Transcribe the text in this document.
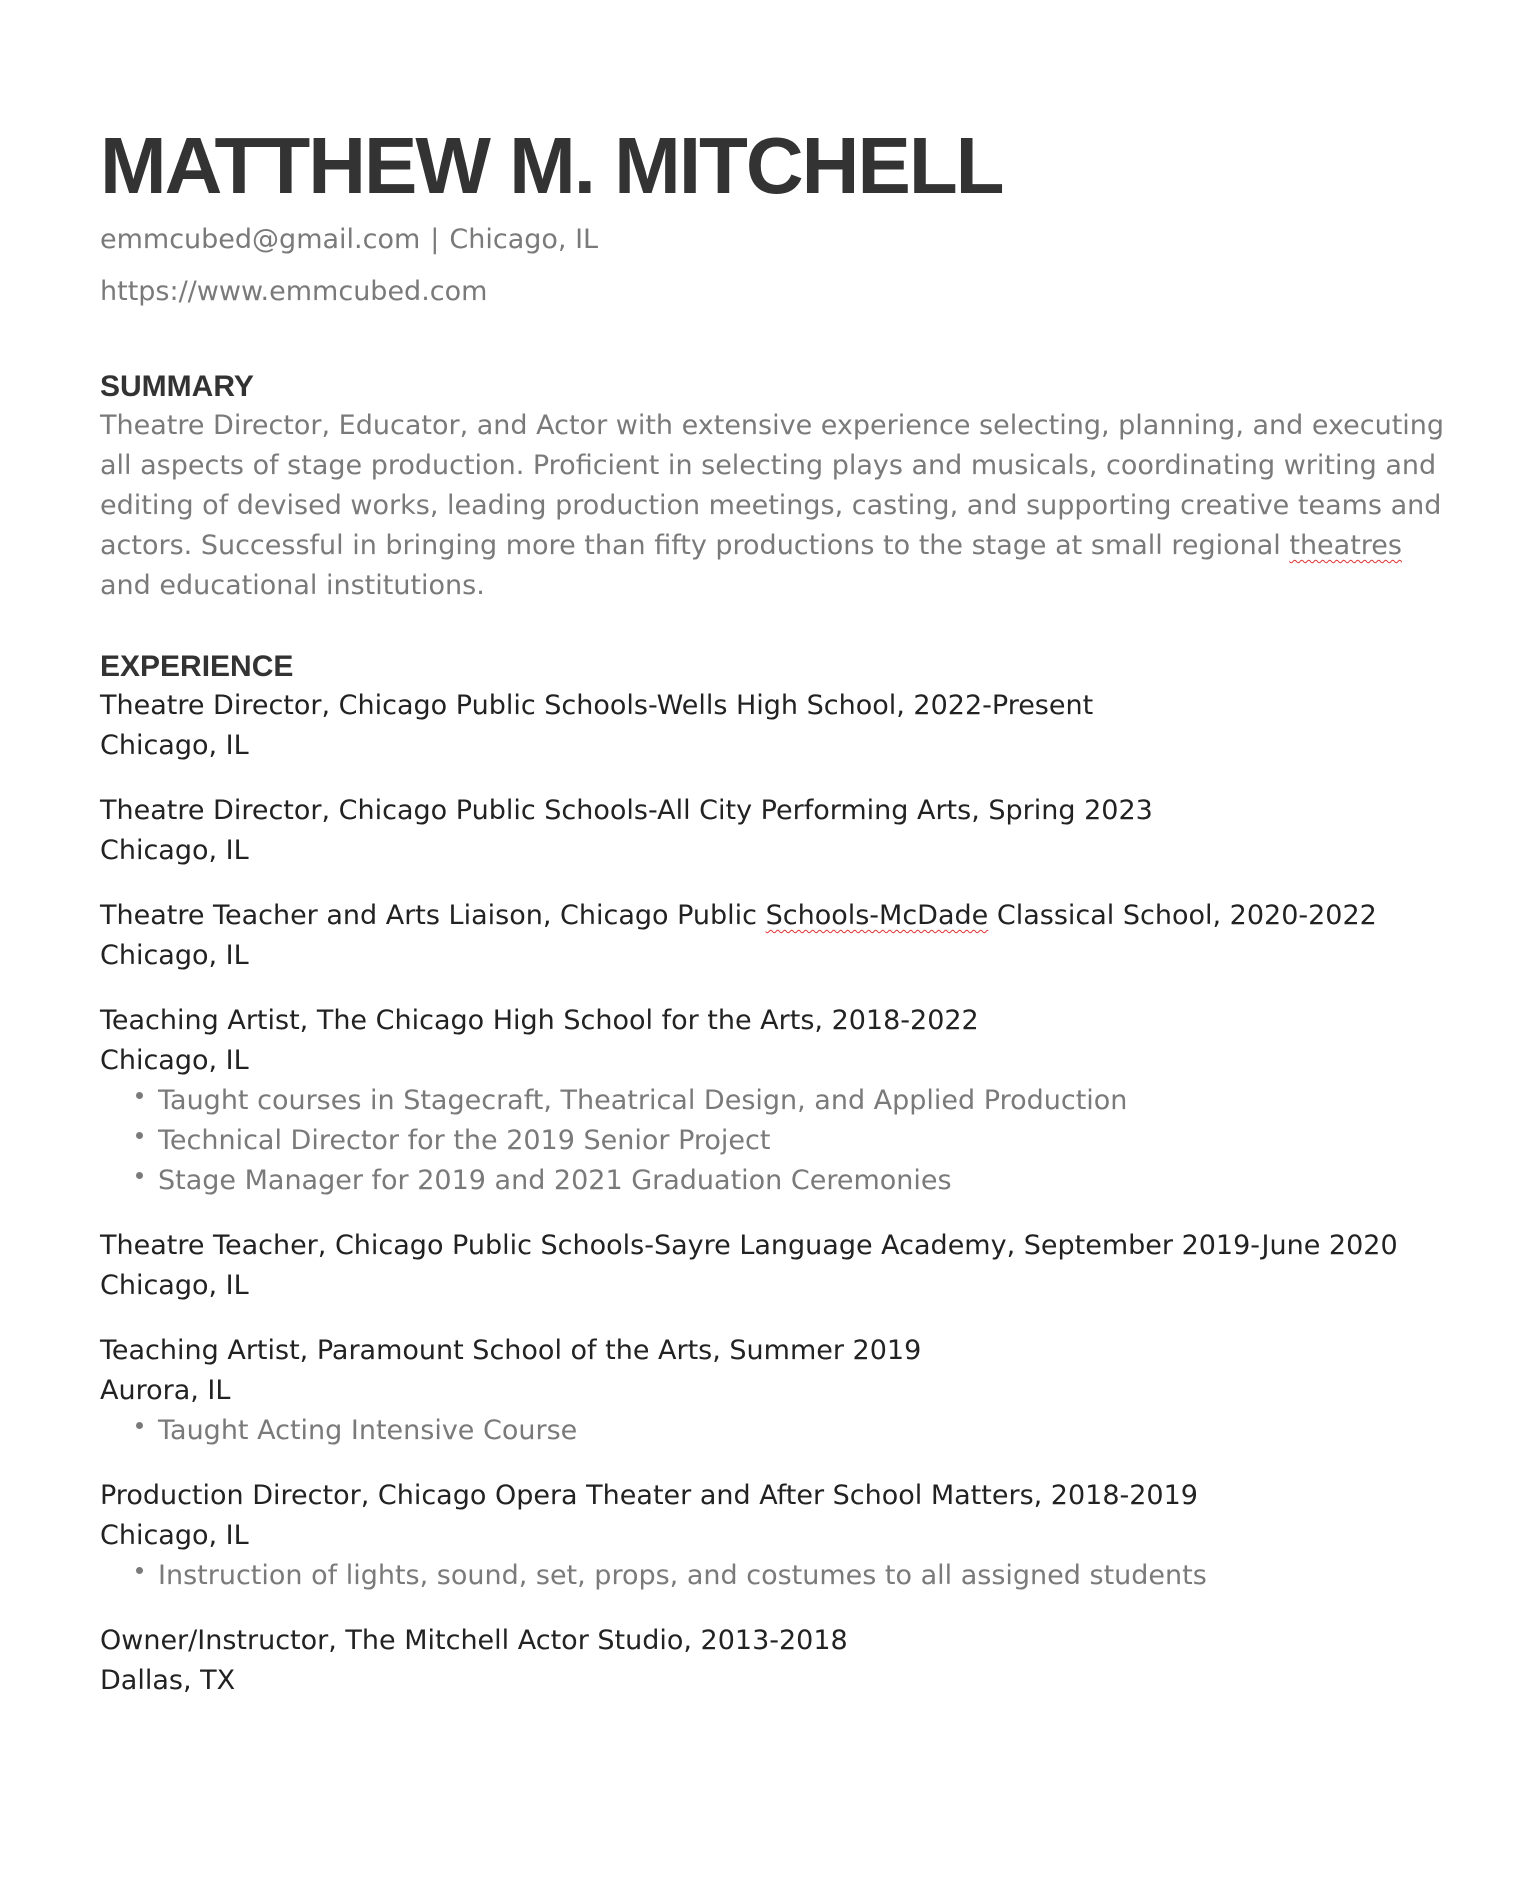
MATTHEW M. MITCHELL

emmcubed@gmail.com | Chicago, IL

https://www.emmcubed.com

SUMMARY

Theatre Director, Educator, and Actor with extensive experience selecting, planning, and executing all aspects of stage production. Proficient in selecting plays and musicals, coordinating writing and editing of devised works, leading production meetings, casting, and supporting creative teams and actors. Successful in bringing more than fifty productions to the stage at small regional theatres and educational institutions.

EXPERIENCE

Theatre Director, Chicago Public Schools-Wells High School, 2022-Present

Chicago, IL

Theatre Director, Chicago Public Schools-All City Performing Arts, Spring 2023

Chicago, IL

Theatre Teacher and Arts Liaison, Chicago Public Schools-McDade Classical School, 2020-2022

Chicago, IL

Teaching Artist, The Chicago High School for the Arts, 2018-2022

Chicago, IL

Taught courses in Stagecraft, Theatrical Design, and Applied Production
Technical Director for the 2019 Senior Project
Stage Manager for 2019 and 2021 Graduation Ceremonies

Theatre Teacher, Chicago Public Schools-Sayre Language Academy, September 2019-June 2020

Chicago, IL

Teaching Artist, Paramount School of the Arts, Summer 2019

Aurora, IL

Taught Acting Intensive Course

Production Director, Chicago Opera Theater and After School Matters, 2018-2019

Chicago, IL

Instruction of lights, sound, set, props, and costumes to all assigned students

Owner/Instructor, The Mitchell Actor Studio, 2013-2018

Dallas, TX
